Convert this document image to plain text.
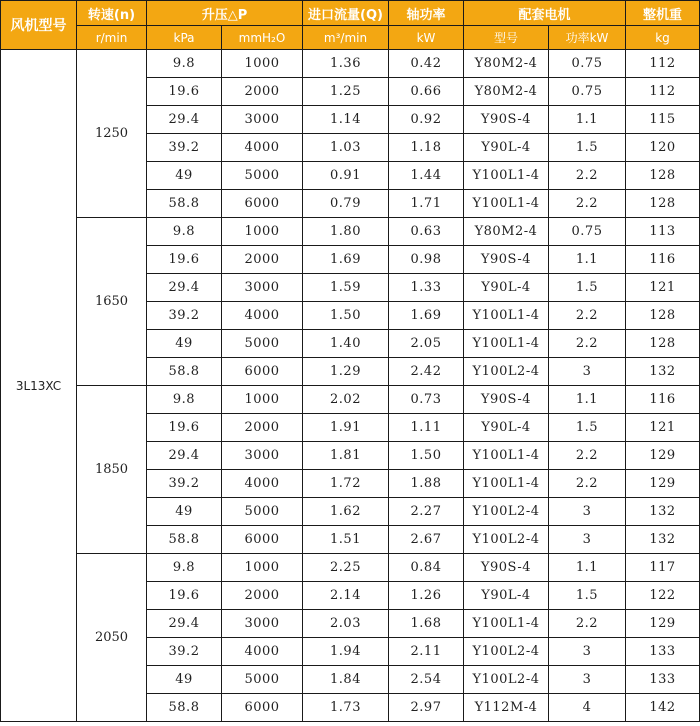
风机型号	转速(n)	升压△P		进口流量(Q)	轴功率	配套电机		整机重
	r/min	kPa	mmH₂O	m³/min	kW	型号	功率kW	kg
3L13XC	1250	9.8	1000	1.36	0.42	Y80M2-4	0.75	112
		19.6	2000	1.25	0.66	Y80M2-4	0.75	112
		29.4	3000	1.14	0.92	Y90S-4	1.1	115
		39.2	4000	1.03	1.18	Y90L-4	1.5	120
		49	5000	0.91	1.44	Y100L1-4	2.2	128
		58.8	6000	0.79	1.71	Y100L1-4	2.2	128
	1650	9.8	1000	1.80	0.63	Y80M2-4	0.75	113
		19.6	2000	1.69	0.98	Y90S-4	1.1	116
		29.4	3000	1.59	1.33	Y90L-4	1.5	121
		39.2	4000	1.50	1.69	Y100L1-4	2.2	128
		49	5000	1.40	2.05	Y100L1-4	2.2	128
		58.8	6000	1.29	2.42	Y100L2-4	3	132
	1850	9.8	1000	2.02	0.73	Y90S-4	1.1	116
		19.6	2000	1.91	1.11	Y90L-4	1.5	121
		29.4	3000	1.81	1.50	Y100L1-4	2.2	129
		39.2	4000	1.72	1.88	Y100L1-4	2.2	129
		49	5000	1.62	2.27	Y100L2-4	3	132
		58.8	6000	1.51	2.67	Y100L2-4	3	132
	2050	9.8	1000	2.25	0.84	Y90S-4	1.1	117
		19.6	2000	2.14	1.26	Y90L-4	1.5	122
		29.4	3000	2.03	1.68	Y100L1-4	2.2	129
		39.2	4000	1.94	2.11	Y100L2-4	3	133
		49	5000	1.84	2.54	Y100L2-4	3	133
		58.8	6000	1.73	2.97	Y112M-4	4	142
